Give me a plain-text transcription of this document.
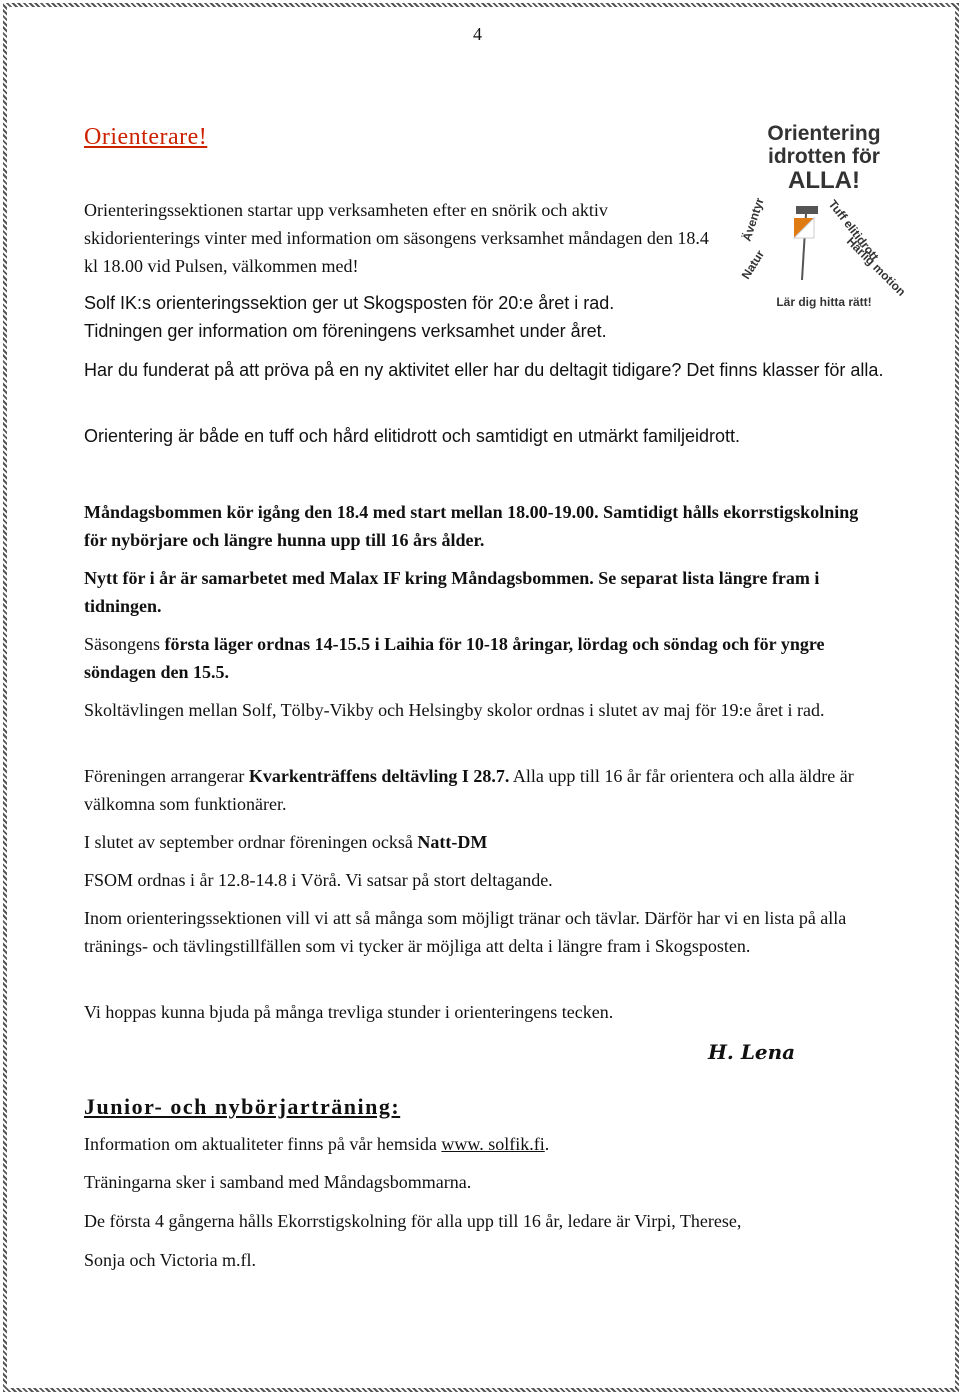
4
Orienterare!	Orientering
idrotten för
ALLA!
Äventyr
Natur
Tuff elitidrott
Härlig motion
Lär dig hitta rätt!
Orienteringssektionen startar upp verksamheten efter en snörik och aktiv skidorienterings vinter med information om säsongens verksamhet måndagen den 18.4 kl 18.00 vid Pulsen, välkommen med!
Solf IK:s orienteringssektion ger ut Skogsposten för 20:e året i rad.
Tidningen ger information om föreningens verksamhet under året.
Har du funderat på att pröva på en ny aktivitet eller har du deltagit tidigare? Det finns klasser för alla.
Orientering är både en tuff och hård elitidrott och samtidigt en utmärkt familjeidrott.
Måndagsbommen kör igång den 18.4 med start mellan 18.00-19.00. Samtidigt hålls ekorrstigskolning för nybörjare och längre hunna upp till 16 års ålder.
Nytt för i år är samarbetet med Malax IF kring Måndagsbommen. Se separat lista längre fram i tidningen.
Säsongens första läger ordnas 14-15.5 i Laihia för 10-18 åringar, lördag och söndag och för yngre söndagen den 15.5.
Skoltävlingen mellan Solf, Tölby-Vikby och Helsingby skolor ordnas i slutet av maj för 19:e året i rad.
Föreningen arrangerar Kvarkenträffens deltävling I 28.7. Alla upp till 16 år får orientera och alla äldre är välkomna som funktionärer.
I slutet av september ordnar föreningen också Natt-DM
FSOM ordnas i år 12.8-14.8 i Vörå. Vi satsar på stort deltagande.
Inom orienteringssektionen vill vi att så många som möjligt tränar och tävlar. Därför har vi en lista på alla tränings- och tävlingstillfällen som vi tycker är möjliga att delta i längre fram i Skogsposten.
Vi hoppas kunna bjuda på många trevliga stunder i orienteringens tecken.
H. Lena
Junior- och nybörjarträning:
Information om aktualiteter finns på vår hemsida www. solfik.fi.
Träningarna sker i samband med Måndagsbommarna.
De första 4 gångerna hålls Ekorrstigskolning för alla upp till 16 år, ledare är Virpi, Therese,
Sonja och Victoria m.fl.
